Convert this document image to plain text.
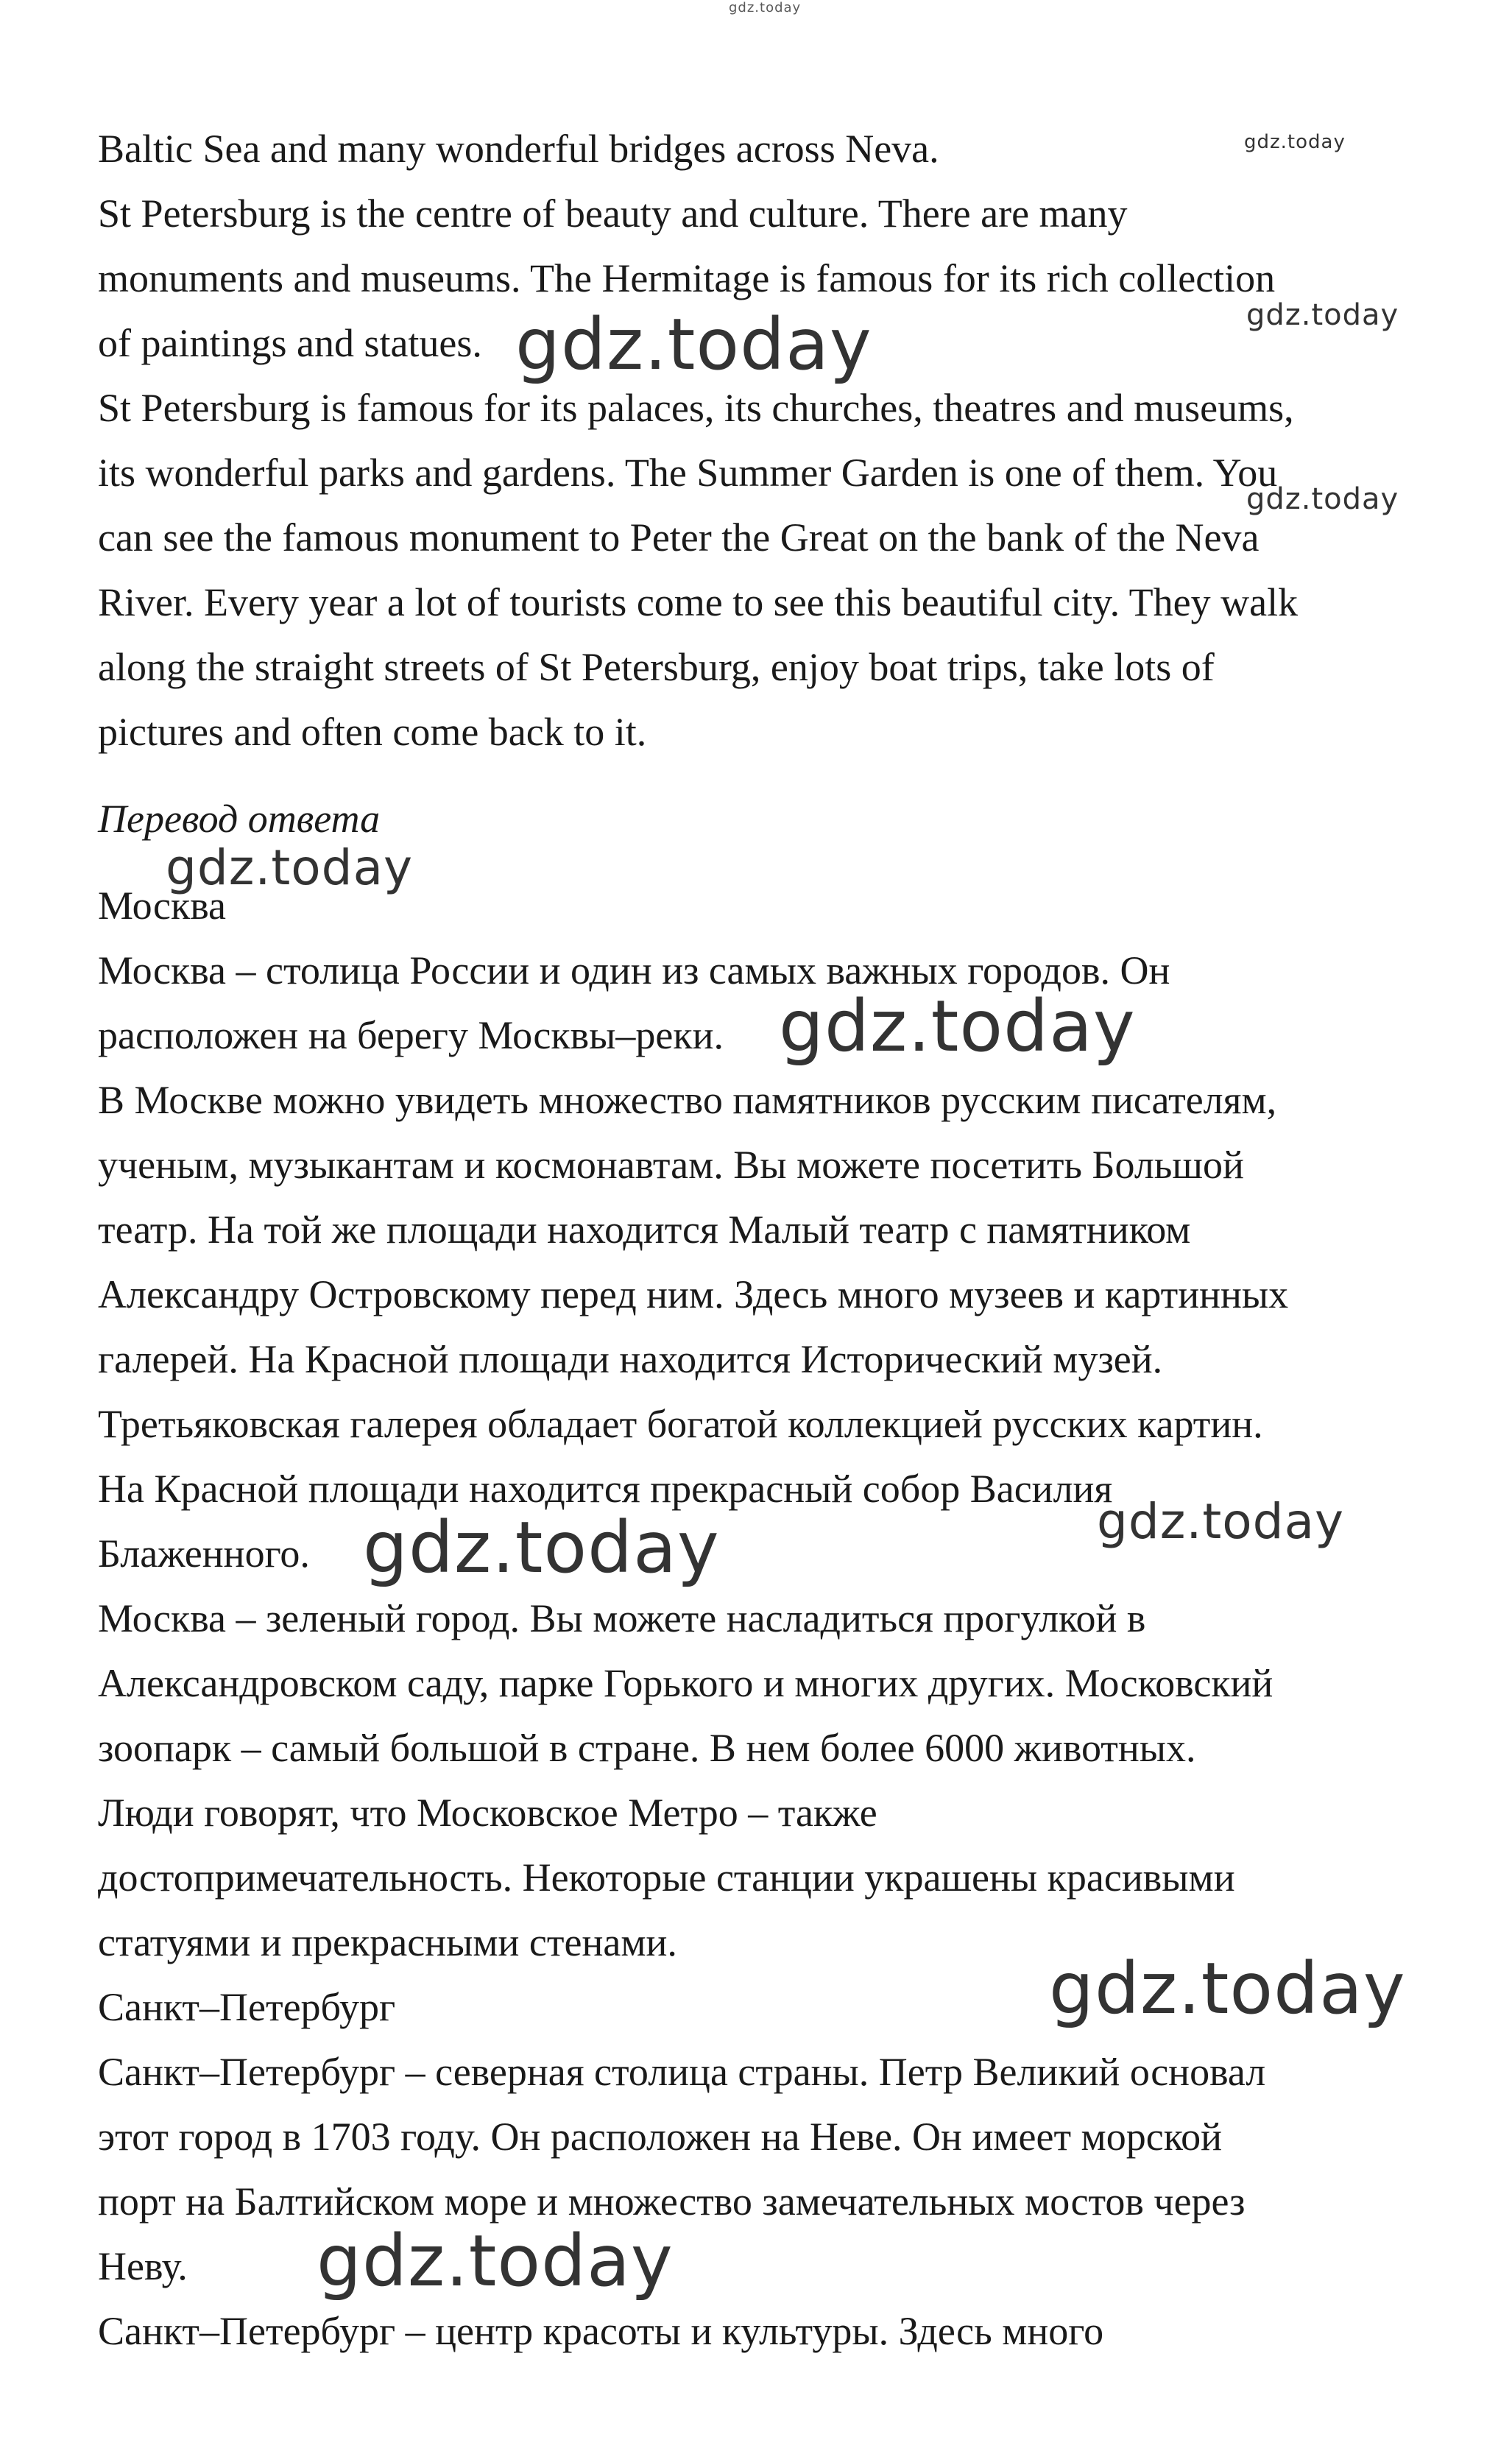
Baltic Sea and many wonderful bridges across Neva.
St Petersburg is the centre of beauty and culture. There are many
monuments and museums. The Hermitage is famous for its rich collection
of paintings and statues.
St Petersburg is famous for its palaces, its churches, theatres and museums,
its wonderful parks and gardens. The Summer Garden is one of them. You
can see the famous monument to Peter the Great on the bank of the Neva
River. Every year a lot of tourists come to see this beautiful city. They walk
along the straight streets of St Petersburg, enjoy boat trips, take lots of
pictures and often come back to it.
Перевод ответа
Москва
Москва – столица России и один из самых важных городов. Он
расположен на берегу Москвы–реки.
В Москве можно увидеть множество памятников русским писателям,
ученым, музыкантам и космонавтам. Вы можете посетить Большой
театр. На той же площади находится Малый театр с памятником
Александру Островскому перед ним. Здесь много музеев и картинных
галерей. На Красной площади находится Исторический музей.
Третьяковская галерея обладает богатой коллекцией русских картин.
На Красной площади находится прекрасный собор Василия
Блаженного.
Москва – зеленый город. Вы можете насладиться прогулкой в
Александровском саду, парке Горького и многих других. Московский
зоопарк – самый большой в стране. В нем более 6000 животных.
Люди говорят, что Московское Метро – также
достопримечательность. Некоторые станции украшены красивыми
статуями и прекрасными стенами.
Санкт–Петербург
Санкт–Петербург – северная столица страны. Петр Великий основал
этот город в 1703 году. Он расположен на Неве. Он имеет морской
порт на Балтийском море и множество замечательных мостов через
Неву.
Санкт–Петербург – центр красоты и культуры. Здесь много
gdz.today
gdz.today
gdz.today
gdz.today
gdz.today
gdz.today
gdz.today
gdz.today	gdz.today
gdz.today
gdz.today
